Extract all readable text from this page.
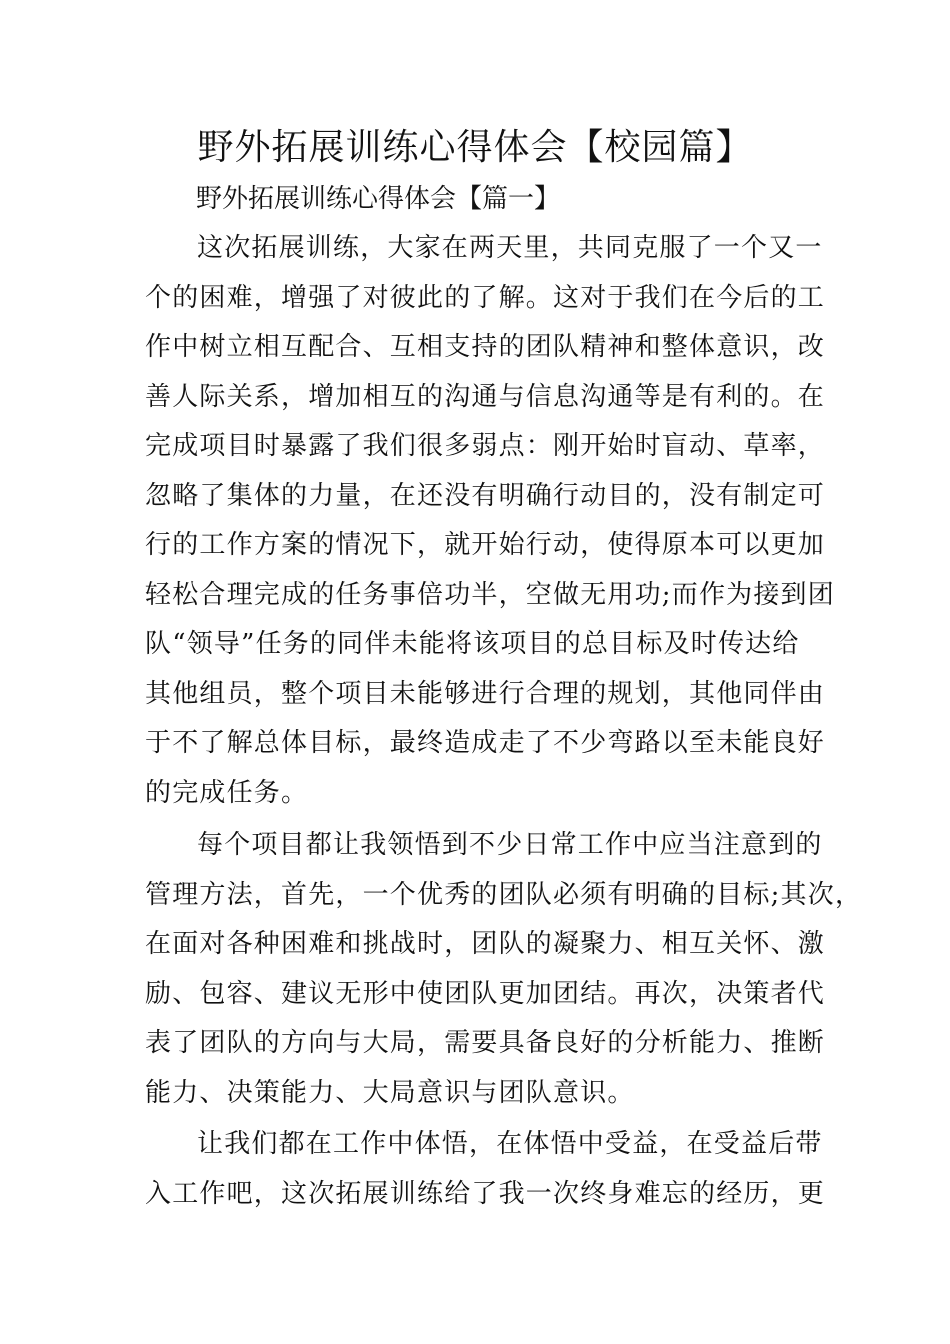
野外拓展训练心得体会【校园篇】
野外拓展训练心得体会【篇一】
这次拓展训练，大家在两天里，共同克服了一个又一
个的困难，增强了对彼此的了解。这对于我们在今后的工
作中树立相互配合、互相支持的团队精神和整体意识，改
善人际关系，增加相互的沟通与信息沟通等是有利的。在
完成项目时暴露了我们很多弱点：刚开始时盲动、草率，
忽略了集体的力量，在还没有明确行动目的，没有制定可
行的工作方案的情况下，就开始行动，使得原本可以更加
轻松合理完成的任务事倍功半，空做无用功;而作为接到团
队“领导”任务的同伴未能将该项目的总目标及时传达给
其他组员，整个项目未能够进行合理的规划，其他同伴由
于不了解总体目标，最终造成走了不少弯路以至未能良好
的完成任务。
每个项目都让我领悟到不少日常工作中应当注意到的
管理方法，首先，一个优秀的团队必须有明确的目标;其次，
在面对各种困难和挑战时，团队的凝聚力、相互关怀、激
励、包容、建议无形中使团队更加团结。再次，决策者代
表了团队的方向与大局，需要具备良好的分析能力、推断
能力、决策能力、大局意识与团队意识。
让我们都在工作中体悟，在体悟中受益，在受益后带
入工作吧，这次拓展训练给了我一次终身难忘的经历，更
